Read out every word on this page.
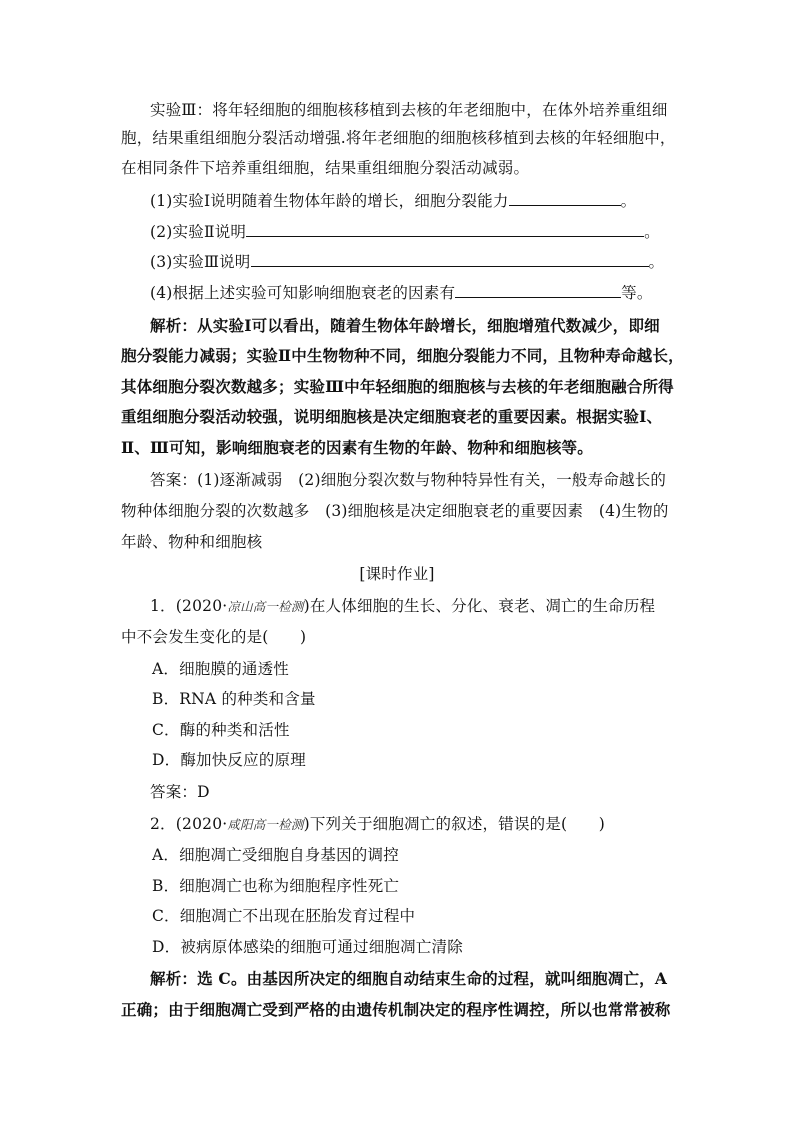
实验Ⅲ：将年轻细胞的细胞核移植到去核的年老细胞中，在体外培养重组细
胞，结果重组细胞分裂活动增强.将年老细胞的细胞核移植到去核的年轻细胞中，
在相同条件下培养重组细胞，结果重组细胞分裂活动减弱。
(1)实验Ⅰ说明随着生物体年龄的增长，细胞分裂能力	。
(2)实验Ⅱ说明	。
(3)实验Ⅲ说明	。
(4)根据上述实验可知影响细胞衰老的因素有	等。
解析：从实验Ⅰ可以看出，随着生物体年龄增长，细胞增殖代数减少，即细
胞分裂能力减弱；实验Ⅱ中生物物种不同，细胞分裂能力不同，且物种寿命越长，
其体细胞分裂次数越多；实验Ⅲ中年轻细胞的细胞核与去核的年老细胞融合所得
重组细胞分裂活动较强，说明细胞核是决定细胞衰老的重要因素。根据实验Ⅰ、
Ⅱ、Ⅲ可知，影响细胞衰老的因素有生物的年龄、物种和细胞核等。
答案：(1)逐渐减弱　(2)细胞分裂次数与物种特异性有关，一般寿命越长的
物种体细胞分裂的次数越多　(3)细胞核是决定细胞衰老的重要因素　(4)生物的
年龄、物种和细胞核
[课时作业]
1．(2020·凉山高一检测)在人体细胞的生长、分化、衰老、凋亡的生命历程
中不会发生变化的是(　　)
A．细胞膜的通透性
B．RNA 的种类和含量
C．酶的种类和活性
D．酶加快反应的原理
答案：D
2．(2020·咸阳高一检测)下列关于细胞凋亡的叙述，错误的是(　　)
A．细胞凋亡受细胞自身基因的调控
B．细胞凋亡也称为细胞程序性死亡
C．细胞凋亡不出现在胚胎发育过程中
D．被病原体感染的细胞可通过细胞凋亡清除
解析：选 C。由基因所决定的细胞自动结束生命的过程，就叫细胞凋亡，A
正确；由于细胞凋亡受到严格的由遗传机制决定的程序性调控，所以也常常被称
